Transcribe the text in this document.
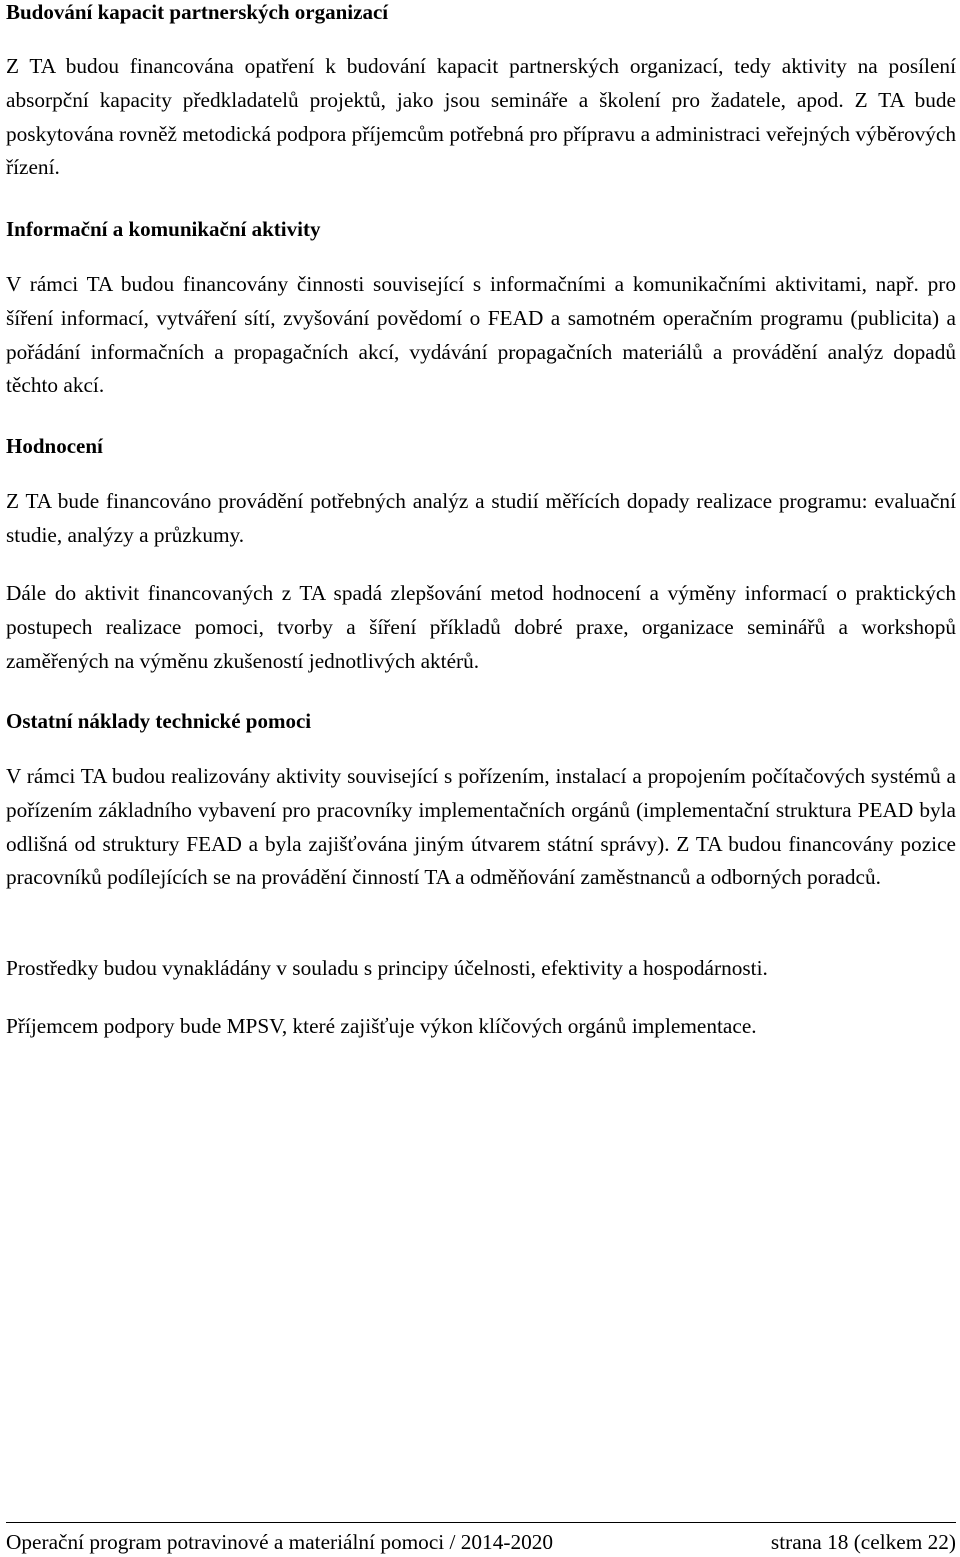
Budování kapacit partnerských organizací

Z TA budou financována opatření k budování kapacit partnerských organizací, tedy aktivity na posílení absorpční kapacity předkladatelů projektů, jako jsou semináře a školení pro žadatele, apod. Z TA bude poskytována rovněž metodická podpora příjemcům potřebná pro přípravu a administraci veřejných výběrových řízení.

Informační a komunikační aktivity

V rámci TA budou financovány činnosti související s informačními a komunikačními aktivitami, např. pro šíření informací, vytváření sítí, zvyšování povědomí o FEAD a samotném operačním programu (publicita) a pořádání informačních a propagačních akcí, vydávání propagačních materiálů a provádění analýz dopadů těchto akcí.

Hodnocení

Z TA bude financováno provádění potřebných analýz a studií měřících dopady realizace programu: evaluační studie, analýzy a průzkumy.

Dále do aktivit financovaných z TA spadá zlepšování metod hodnocení a výměny informací o praktických postupech realizace pomoci, tvorby a šíření příkladů dobré praxe, organizace seminářů a workshopů zaměřených na výměnu zkušeností jednotlivých aktérů.

Ostatní náklady technické pomoci

V rámci TA budou realizovány aktivity související s pořízením, instalací a propojením počítačových systémů a pořízením základního vybavení pro pracovníky implementačních orgánů (implementační struktura PEAD byla odlišná od struktury FEAD a byla zajišťována jiným útvarem státní správy). Z TA budou financovány pozice pracovníků podílejících se na provádění činností TA a odměňování zaměstnanců a odborných poradců.

Prostředky budou vynakládány v souladu s principy účelnosti, efektivity a hospodárnosti.

Příjemcem podpory bude MPSV, které zajišťuje výkon klíčových orgánů implementace.

Operační program potravinové a materiální pomoci / 2014-2020	strana 18 (celkem 22)
